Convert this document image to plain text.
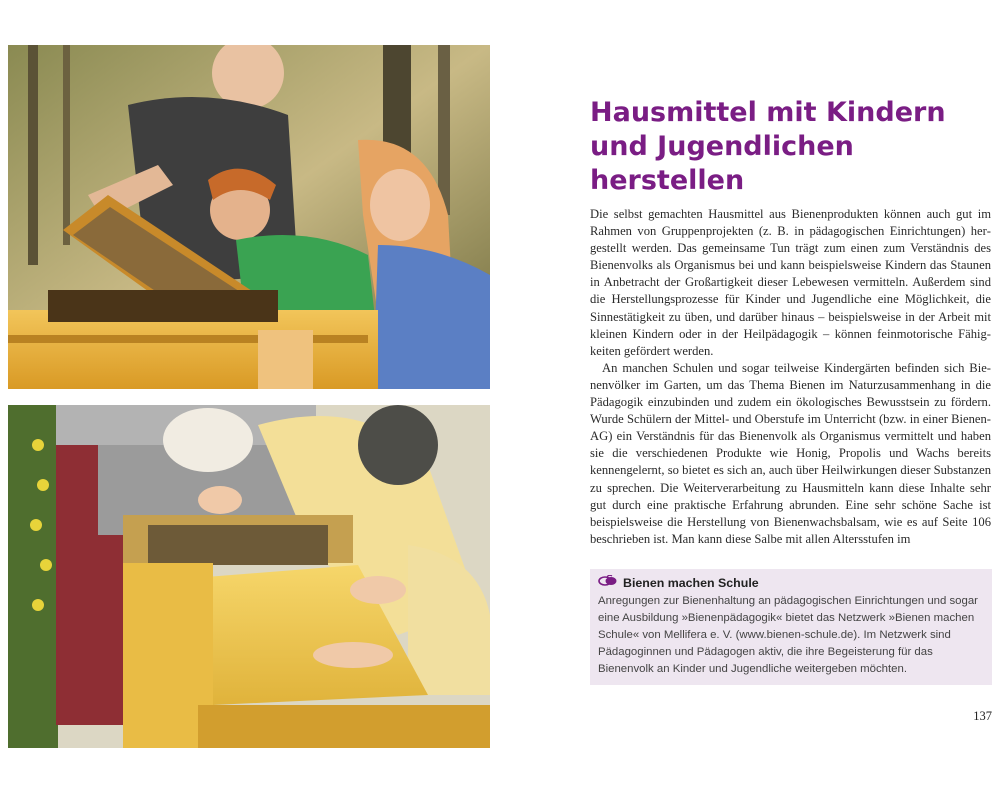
Hausmittel mit Kindern und Jugendlichen herstellen

Die selbst gemachten Hausmittel aus Bienenprodukten können auch gut im Rahmen von Gruppenprojekten (z. B. in pädagogischen Einrichtungen) hergestellt werden. Das gemeinsame Tun trägt zum einen zum Verständnis des Bienenvolks als Organismus bei und kann beispielsweise Kindern das Staunen in Anbetracht der Großartigkeit dieser Lebewesen vermitteln. Außerdem sind die Herstellungsprozesse für Kinder und Jugendliche eine Möglichkeit, die Sinnestätigkeit zu üben, und darüber hinaus – beispielsweise in der Arbeit mit kleinen Kindern oder in der Heilpädagogik – können feinmotorische Fähigkeiten gefördert werden.

An manchen Schulen und sogar teilweise Kindergärten befinden sich Bienenvölker im Garten, um das Thema Bienen im Naturzusammenhang in die Pädagogik einzubinden und zudem ein ökologisches Bewusstsein zu fördern. Wurde Schülern der Mittel- und Oberstufe im Unterricht (bzw. in einer Bienen-AG) ein Verständnis für das Bienenvolk als Organismus vermittelt und haben sie die verschiedenen Produkte wie Honig, Propolis und Wachs bereits kennengelernt, so bietet es sich an, auch über Heilwirkungen dieser Substanzen zu sprechen. Die Weiterverarbeitung zu Hausmitteln kann diese Inhalte sehr gut durch eine praktische Erfahrung abrunden. Eine sehr schöne Sache ist beispielsweise die Herstellung von Bienenwachsbalsam, wie es auf Seite 106 beschrieben ist. Man kann diese Salbe mit allen Altersstufen im

Bienen machen Schule

Anregungen zur Bienenhaltung an pädagogischen Einrichtungen und sogar eine Ausbildung »Bienenpädagogik« bietet das Netzwerk »Bienen machen Schule« von Mellifera e. V. (www.bienen-schule.de). Im Netzwerk sind Pädagoginnen und Pädagogen aktiv, die ihre Begeisterung für das Bienenvolk an Kinder und Jugendliche weitergeben möchten.

137
